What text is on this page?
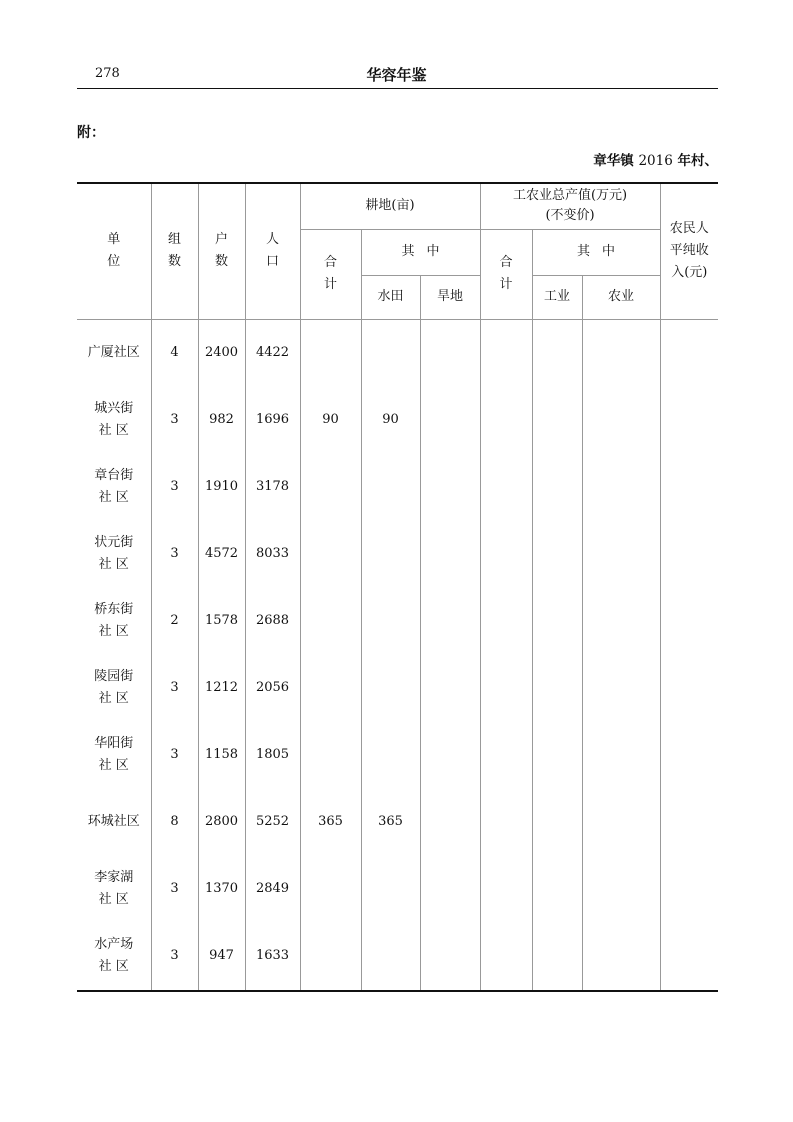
278	华容年鉴
附：
章华镇 2016 年村、
单位	组数	户数	人口	耕地(亩)			工农业总产值(万元)
(不变价)			农民人平纯收入(元)
				合计	其中		合计	其中		
					水田	旱地		工业	农业	

广厦社区	4	2400	4422							

城兴街
社 区	3	982	1696	90	90					

章台街
社 区	3	1910	3178							

状元街
社 区	3	4572	8033							

桥东街
社 区	2	1578	2688							

陵园街
社 区	3	1212	2056							

华阳街
社 区	3	1158	1805							

环城社区	8	2800	5252	365	365					

李家湖
社 区	3	1370	2849							

水产场
社 区	3	947	1633							
